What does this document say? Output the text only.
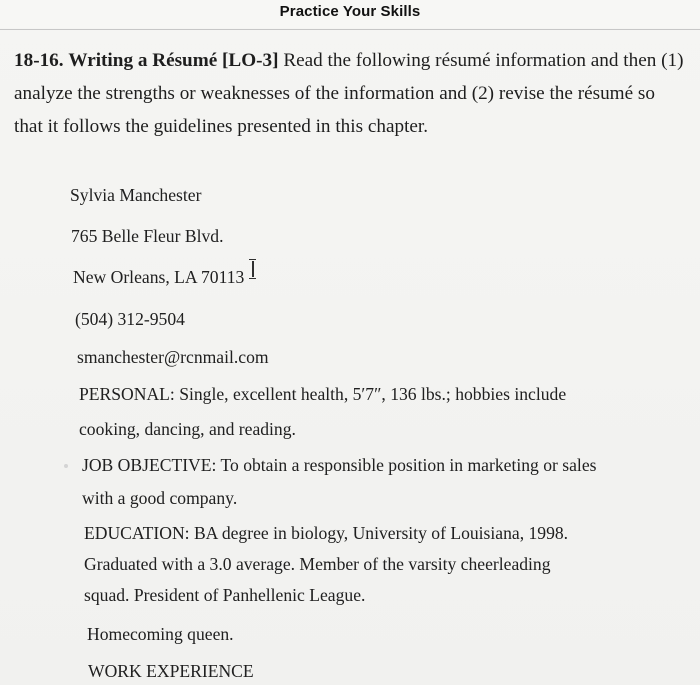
Practice Your Skills
18-16. Writing a Résumé [LO-3] Read the following résumé information and then (1) analyze the strengths or weaknesses of the information and (2) revise the résumé so that it follows the guidelines presented in this chapter.
Sylvia Manchester
765 Belle Fleur Blvd.
New Orleans, LA 70113
(504) 312-9504
smanchester@rcnmail.com
PERSONAL: Single, excellent health, 5′7″, 136 lbs.; hobbies include
cooking, dancing, and reading.
JOB OBJECTIVE: To obtain a responsible position in marketing or sales
with a good company.
EDUCATION: BA degree in biology, University of Louisiana, 1998.
Graduated with a 3.0 average. Member of the varsity cheerleading
squad. President of Panhellenic League.
Homecoming queen.
WORK EXPERIENCE
